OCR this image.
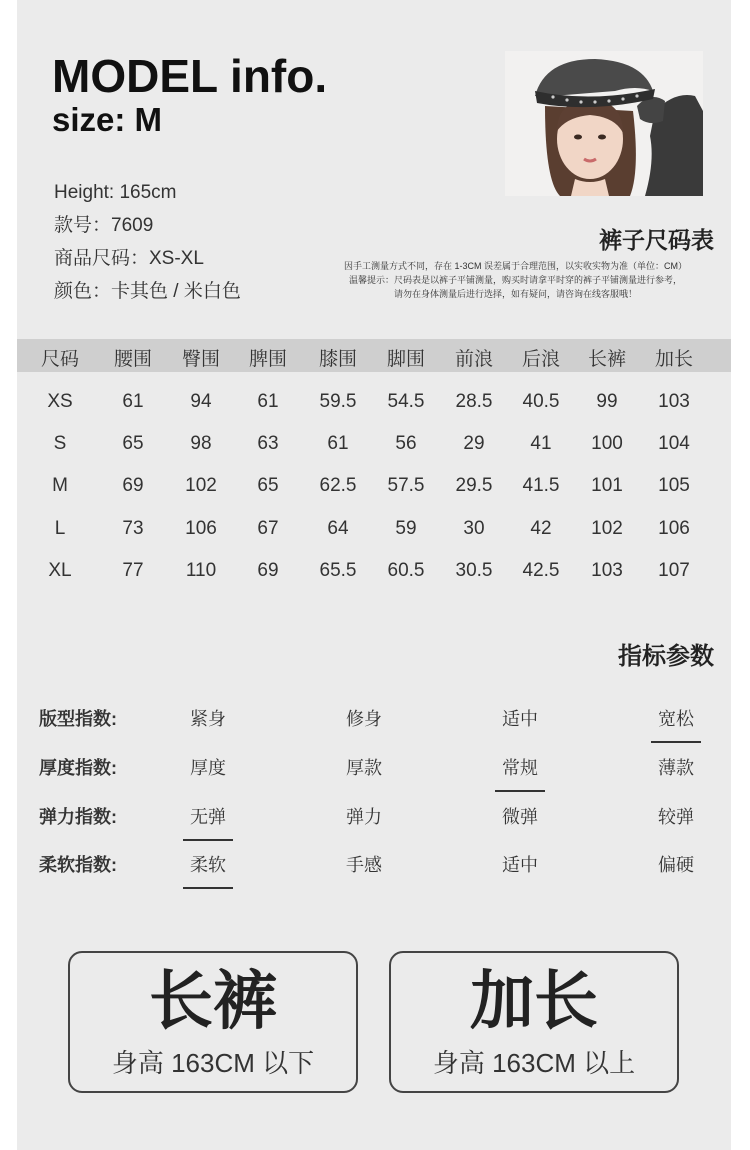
MODEL info.
size: M
Height: 165cm
款号：7609
商品尺码：XS-XL
颜色：卡其色 / 米白色
裤子尺码表
因手工测量方式不同，存在 1-3CM 误差属于合理范围，以实收实物为准（单位：CM）
温馨提示：尺码表是以裤子平铺测量，购买时请拿平时穿的裤子平铺测量进行参考，
请勿在身体测量后进行选择，如有疑问，请咨询在线客服哦！
尺码	腰围	臀围	脾围	膝围	脚围	前浪	后浪	长裤	加长
XS	61	94	61	59.5	54.5	28.5	40.5	99	103
S	65	98	63	61	56	29	41	100	104
M	69	102	65	62.5	57.5	29.5	41.5	101	105
L	73	106	67	64	59	30	42	102	106
XL	77	110	69	65.5	60.5	30.5	42.5	103	107
指标参数
版型指数:	紧身	修身	适中	宽松
厚度指数:	厚度	厚款	常规	薄款
弹力指数:	无弹	弹力	微弹	较弹
柔软指数:	柔软	手感	适中	偏硬
长裤
身高 163CM 以下
加长
身高 163CM 以上
